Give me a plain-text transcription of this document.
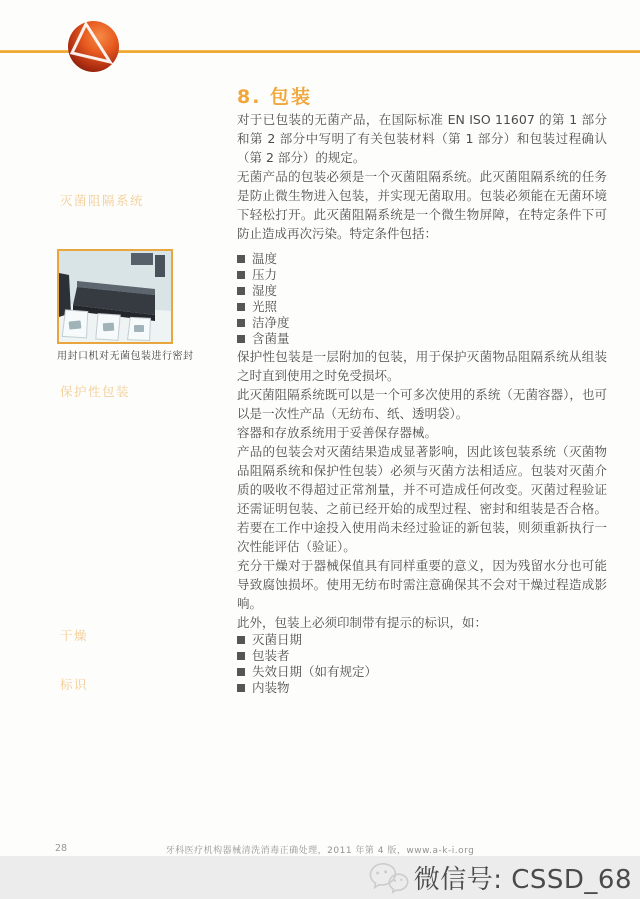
8. 包装
灭菌阻隔系统
保护性包装
干燥
标识
用封口机对无菌包装进行密封

对于已包装的无菌产品，在国际标准 EN ISO 11607 的第 1 部分和第 2 部分中写明了有关包装材料（第 1 部分）和包装过程确认（第 2 部分）的规定。

无菌产品的包装必须是一个灭菌阻隔系统。此灭菌阻隔系统的任务是防止微生物进入包装，并实现无菌取用。包装必须能在无菌环境下轻松打开。此灭菌阻隔系统是一个微生物屏障，在特定条件下可防止造成再次污染。特定条件包括：

温度
压力
湿度
光照
洁净度
含菌量

保护性包装是一层附加的包装，用于保护灭菌物品阻隔系统从组装之时直到使用之时免受损坏。

此灭菌阻隔系统既可以是一个可多次使用的系统（无菌容器），也可以是一次性产品（无纺布、纸、透明袋）。

容器和存放系统用于妥善保存器械。

产品的包装会对灭菌结果造成显著影响，因此该包装系统（灭菌物品阻隔系统和保护性包装）必须与灭菌方法相适应。包装对灭菌介质的吸收不得超过正常剂量，并不可造成任何改变。灭菌过程验证还需证明包装、之前已经开始的成型过程、密封和组装是否合格。若要在工作中途投入使用尚未经过验证的新包装，则须重新执行一次性能评估（验证）。

充分干燥对于器械保值具有同样重要的意义，因为残留水分也可能导致腐蚀损坏。使用无纺布时需注意确保其不会对干燥过程造成影响。

此外，包装上必须印制带有提示的标识，如：

灭菌日期
包装者
失效日期（如有规定）
内装物
28	牙科医疗机构器械清洗消毒正确处理，2011 年第 4 版，www.a-k-i.org
微信号: CSSD_68
